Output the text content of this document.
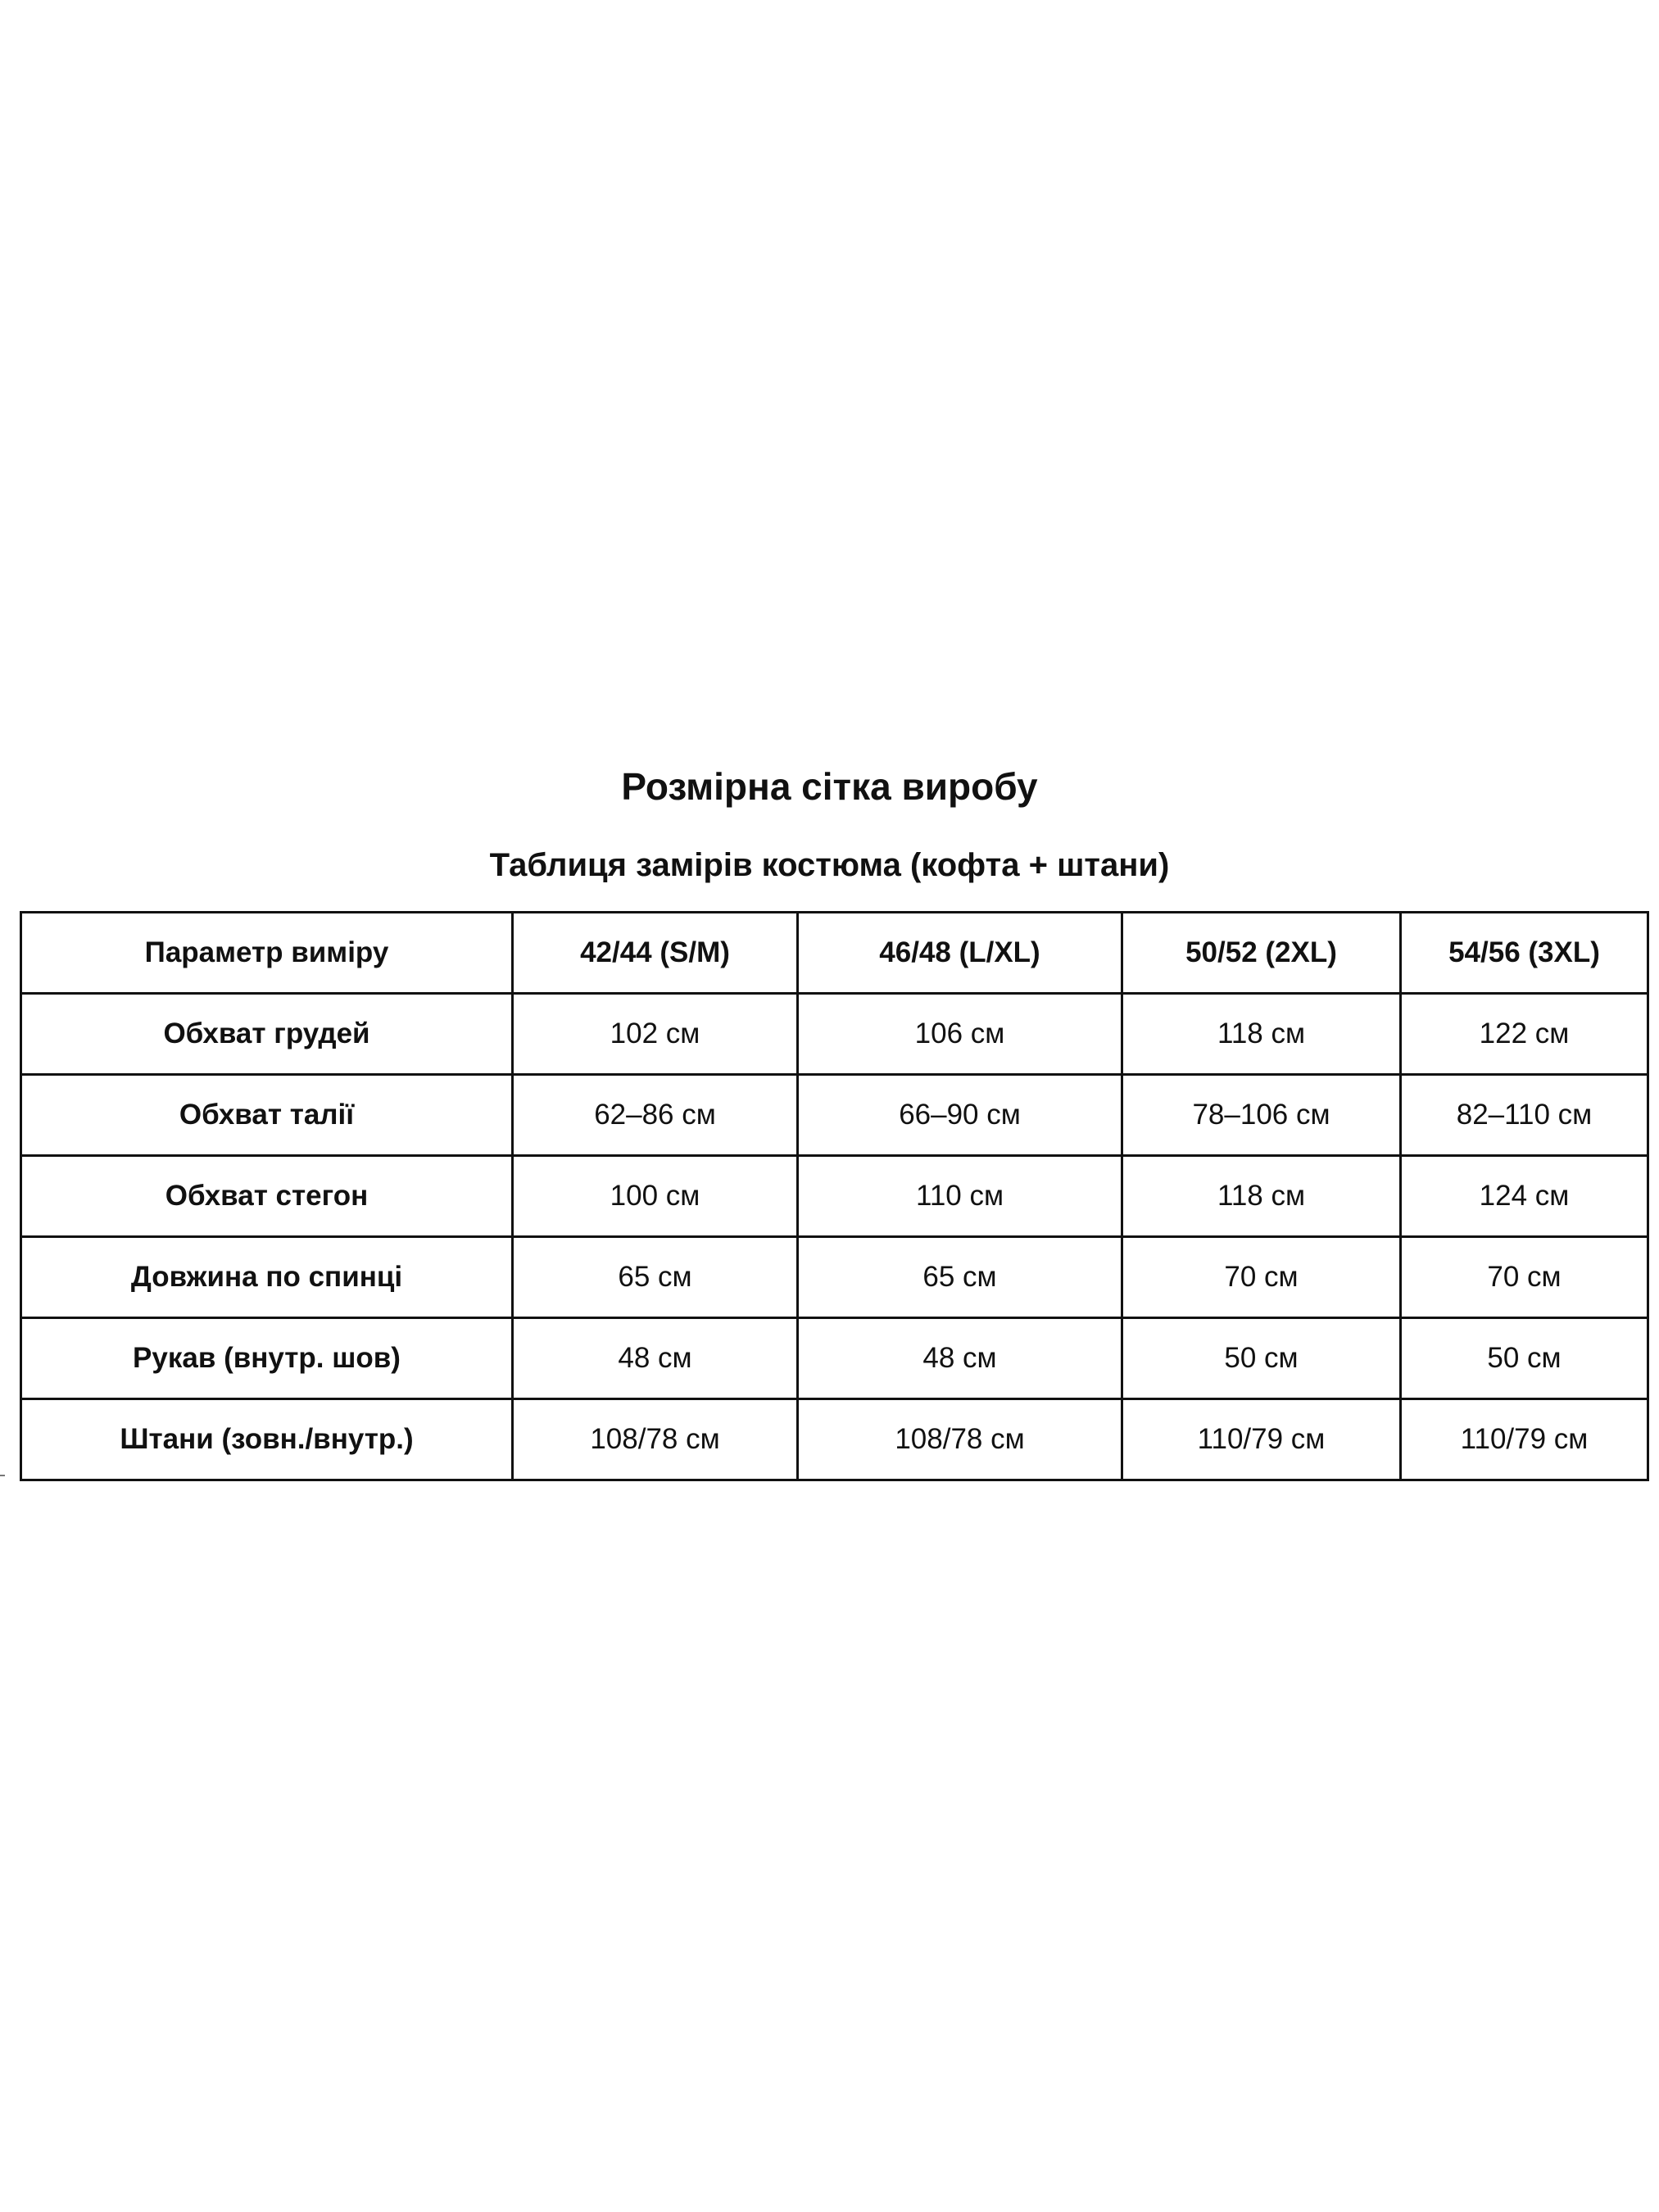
Розмірна сітка виробу
Таблиця замірів костюма (кофта + штани)
Параметр виміру	42/44 (S/M)	46/48 (L/XL)	50/52 (2XL)	54/56 (3XL)
Обхват грудей	102 см	106 см	118 см	122 см
Обхват талії	62–86 см	66–90 см	78–106 см	82–110 см
Обхват стегон	100 см	110 см	118 см	124 см
Довжина по спинці	65 см	65 см	70 см	70 см
Рукав (внутр. шов)	48 см	48 см	50 см	50 см
Штани (зовн./внутр.)	108/78 см	108/78 см	110/79 см	110/79 см
